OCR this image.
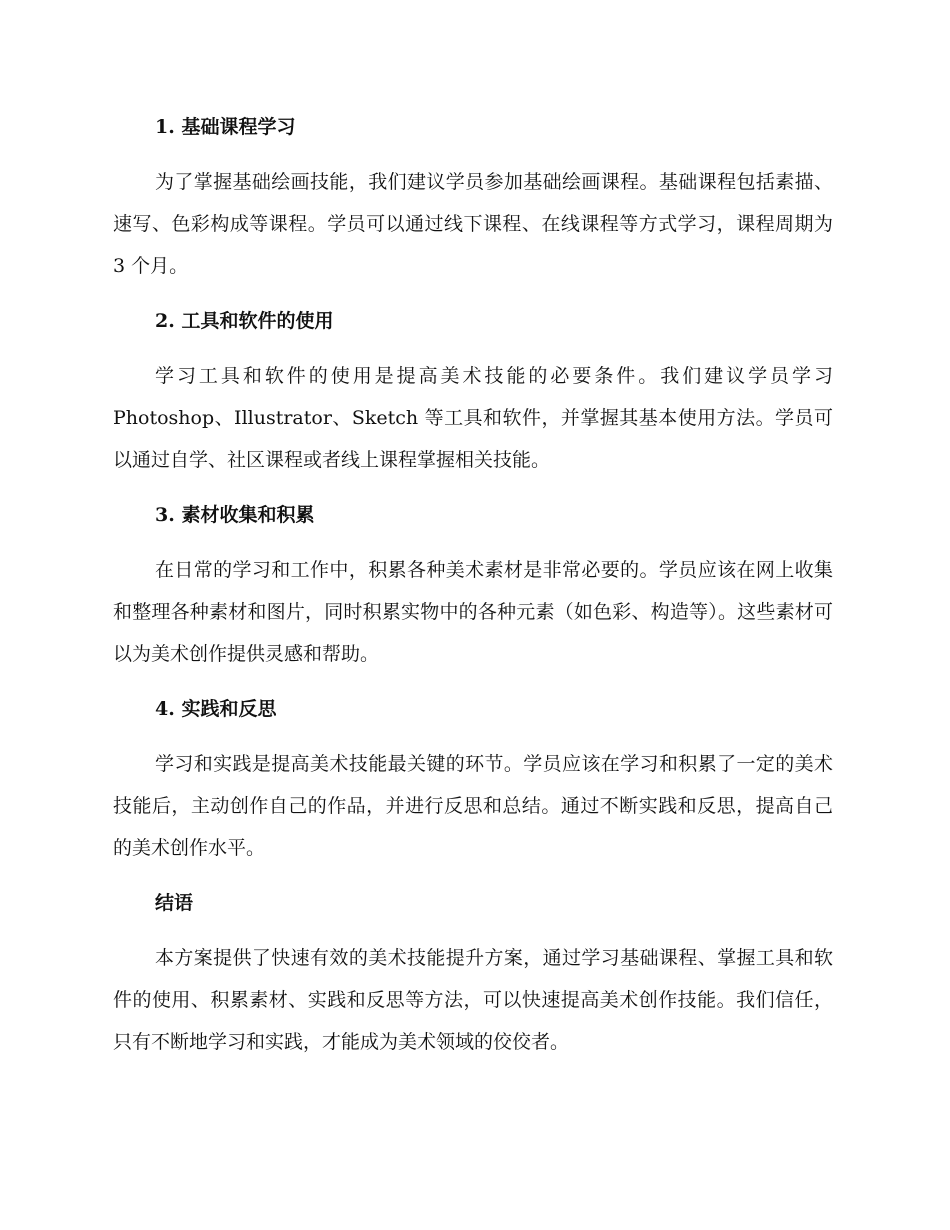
1. 基础课程学习

为了掌握基础绘画技能，我们建议学员参加基础绘画课程。基础课程包括素描、速写、色彩构成等课程。学员可以通过线下课程、在线课程等方式学习，课程周期为 3 个月。

2. 工具和软件的使用

学习工具和软件的使用是提高美术技能的必要条件。我们建议学员学习 Photoshop、Illustrator、Sketch 等工具和软件，并掌握其基本使用方法。学员可以通过自学、社区课程或者线上课程掌握相关技能。

3. 素材收集和积累

在日常的学习和工作中，积累各种美术素材是非常必要的。学员应该在网上收集和整理各种素材和图片，同时积累实物中的各种元素（如色彩、构造等）。这些素材可以为美术创作提供灵感和帮助。

4. 实践和反思

学习和实践是提高美术技能最关键的环节。学员应该在学习和积累了一定的美术技能后，主动创作自己的作品，并进行反思和总结。通过不断实践和反思，提高自己的美术创作水平。

结语

本方案提供了快速有效的美术技能提升方案，通过学习基础课程、掌握工具和软件的使用、积累素材、实践和反思等方法，可以快速提高美术创作技能。我们信任，只有不断地学习和实践，才能成为美术领域的佼佼者。
